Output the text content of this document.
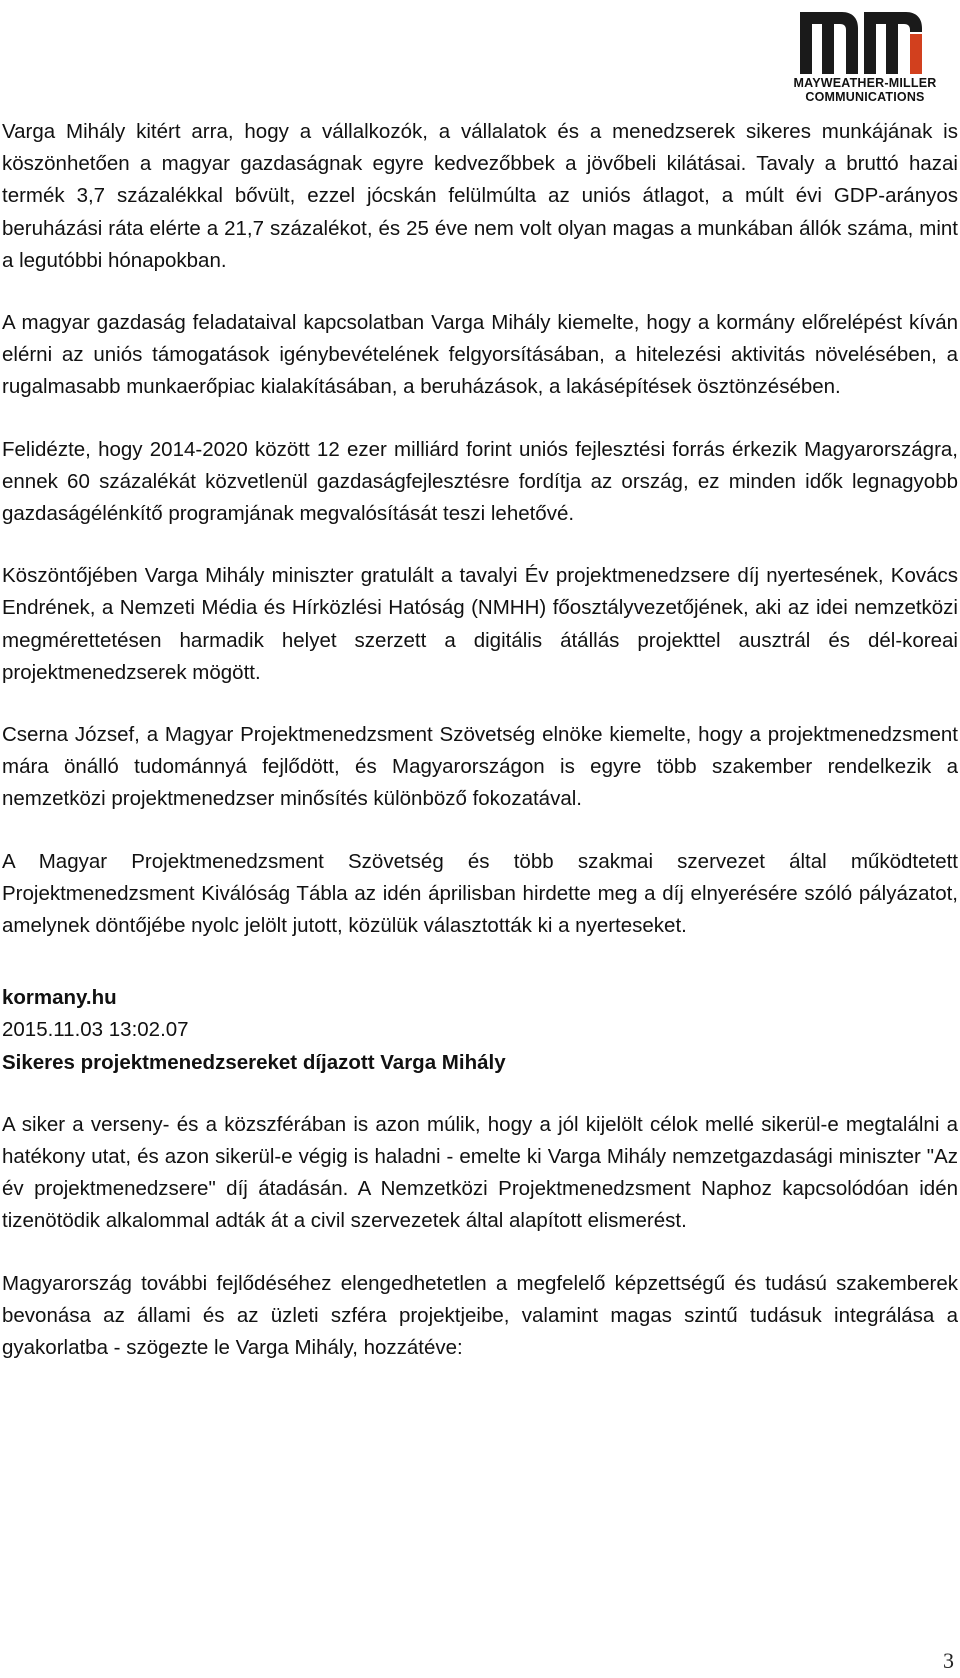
MAYWEATHER-MILLER
COMMUNICATIONS

Varga Mihály kitért arra, hogy a vállalkozók, a vállalatok és a menedzserek sikeres munkájának is köszönhetően a magyar gazdaságnak egyre kedvezőbbek a jövőbeli kilátásai. Tavaly a bruttó hazai termék 3,7 százalékkal bővült, ezzel jócskán felülmúlta az uniós átlagot, a múlt évi GDP-arányos beruházási ráta elérte a 21,7 százalékot, és 25 éve nem volt olyan magas a munkában állók száma, mint a legutóbbi hónapokban.

A magyar gazdaság feladataival kapcsolatban Varga Mihály kiemelte, hogy a kormány előrelépést kíván elérni az uniós támogatások igénybevételének felgyorsításában, a hitelezési aktivitás növelésében, a rugalmasabb munkaerőpiac kialakításában, a beruházások, a lakásépítések ösztönzésében.

Felidézte, hogy 2014-2020 között 12 ezer milliárd forint uniós fejlesztési forrás érkezik Magyarországra, ennek 60 százalékát közvetlenül gazdaságfejlesztésre fordítja az ország, ez minden idők legnagyobb gazdaságélénkítő programjának megvalósítását teszi lehetővé.

Köszöntőjében Varga Mihály miniszter gratulált a tavalyi Év projektmenedzsere díj nyertesének, Kovács Endrének, a Nemzeti Média és Hírközlési Hatóság (NMHH) főosztályvezetőjének, aki az idei nemzetközi megmérettetésen harmadik helyet szerzett a digitális átállás projekttel ausztrál és dél-koreai projektmenedzserek mögött.

Cserna József, a Magyar Projektmenedzsment Szövetség elnöke kiemelte, hogy a projektmenedzsment mára önálló tudománnyá fejlődött, és Magyarországon is egyre több szakember rendelkezik a nemzetközi projektmenedzser minősítés különböző fokozatával.

A Magyar Projektmenedzsment Szövetség és több szakmai szervezet által működtetett Projektmenedzsment Kiválóság Tábla az idén áprilisban hirdette meg a díj elnyerésére szóló pályázatot, amelynek döntőjébe nyolc jelölt jutott, közülük választották ki a nyerteseket.

kormany.hu
2015.11.03 13:02.07
Sikeres projektmenedzsereket díjazott Varga Mihály

A siker a verseny- és a közszférában is azon múlik, hogy a jól kijelölt célok mellé sikerül-e megtalálni a hatékony utat, és azon sikerül-e végig is haladni - emelte ki Varga Mihály nemzetgazdasági miniszter "Az év projektmenedzsere" díj átadásán. A Nemzetközi Projektmenedzsment Naphoz kapcsolódóan idén tizenötödik alkalommal adták át a civil szervezetek által alapított elismerést.

Magyarország további fejlődéséhez elengedhetetlen a megfelelő képzettségű és tudású szakemberek bevonása az állami és az üzleti szféra projektjeibe, valamint magas szintű tudásuk integrálása a gyakorlatba - szögezte le Varga Mihály, hozzátéve:

3
